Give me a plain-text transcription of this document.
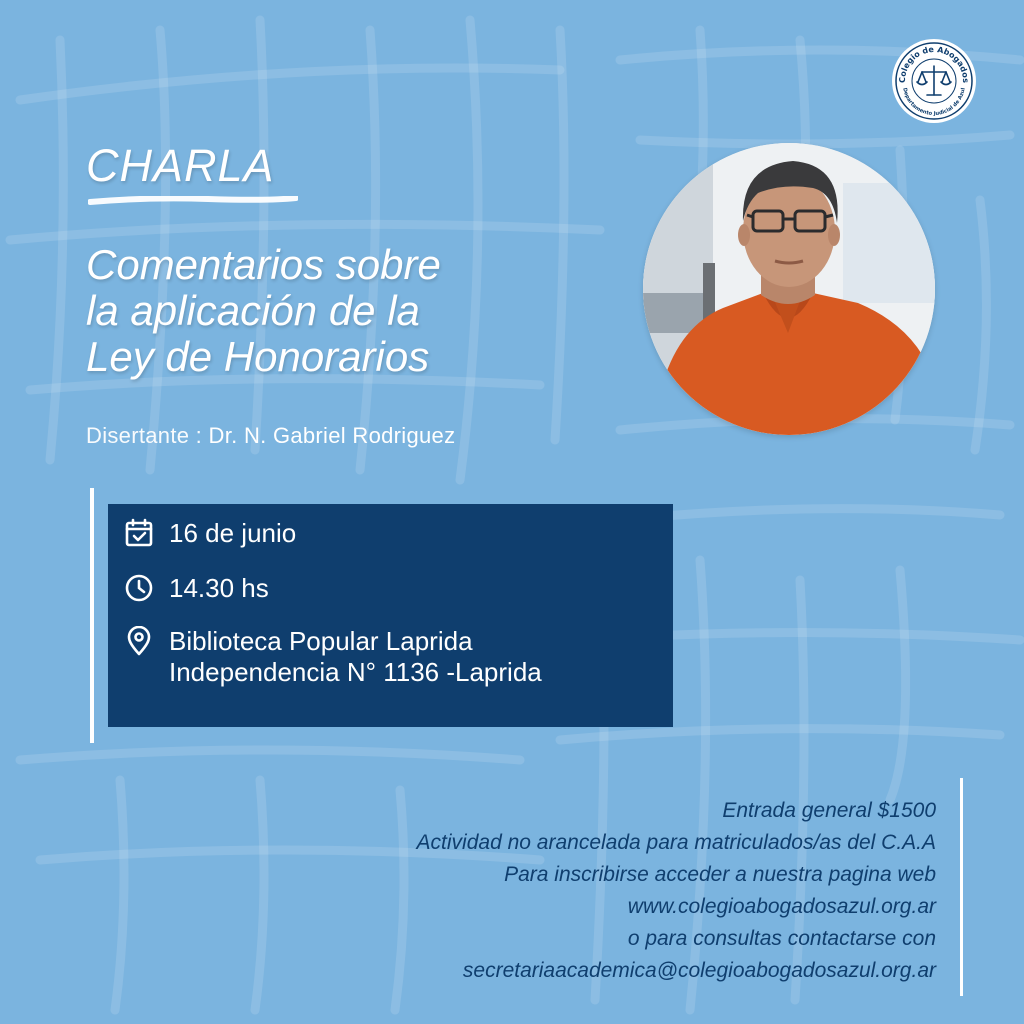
Colegio de Abogados
Departamento Judicial de Azul
CHARLA
Comentarios sobre
la aplicación de la
Ley de Honorarios
Disertante : Dr. N. Gabriel Rodriguez
16 de junio
14.30 hs
Biblioteca Popular Laprida
Independencia N° 1136 -Laprida
Entrada general $1500
Actividad no arancelada para matriculados/as del C.A.A
Para inscribirse acceder a nuestra pagina web
www.colegioabogadosazul.org.ar
o para consultas contactarse con
secretariaacademica@colegioabogadosazul.org.ar
